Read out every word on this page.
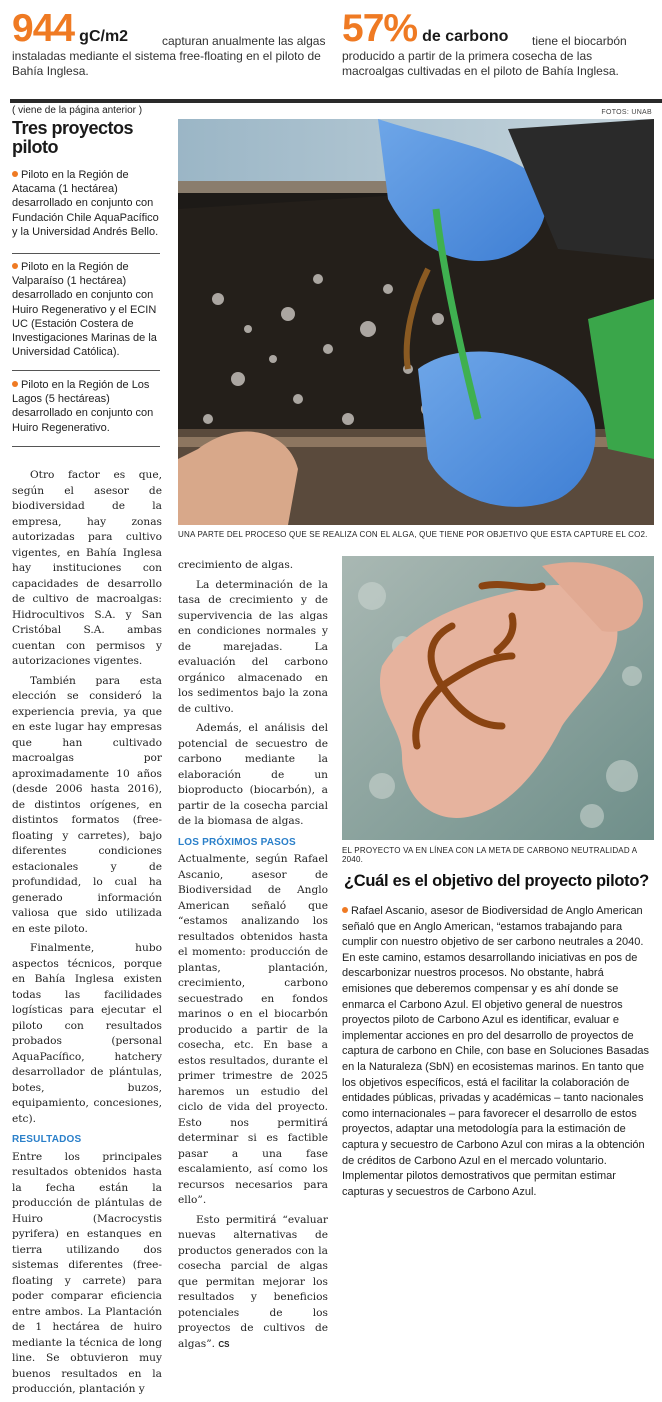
944 gC/m2	capturan anualmente las algas instaladas mediante el sistema free-floating en el piloto de Bahía Inglesa.
57% de carbono	tiene el biocarbón producido a partir de la primera cosecha de las macroalgas cultivadas en el piloto de Bahía Inglesa.
( viene de la página anterior )	FOTOS: UNAB
Tres proyectos piloto
Piloto en la Región de Atacama (1 hectárea) desarrollado en conjunto con Fundación Chile AquaPacífico y la Universidad Andrés Bello.
Piloto en la Región de Valparaíso (1 hectárea) desarrollado en conjunto con Huiro Regenerativo y el ECIN UC (Estación Costera de Investigaciones Marinas de la Universidad Católica).
Piloto en la Región de Los Lagos (5 hectáreas) desarrollado en conjunto con Huiro Regenerativo.
UNA PARTE DEL PROCESO QUE SE REALIZA CON EL ALGA, QUE TIENE POR OBJETIVO QUE ESTA CAPTURE EL CO2.
EL PROYECTO VA EN LÍNEA CON LA META DE CARBONO NEUTRALIDAD A 2040.

Otro factor es que, según el asesor de biodiversidad de la empresa, hay zonas autorizadas para cultivo vigentes, en Bahía Inglesa hay instituciones con capacidades de desarrollo de cultivo de macroalgas: Hidrocultivos S.A. y San Cristóbal S.A. ambas cuentan con permisos y autorizaciones vigentes.

También para esta elección se consideró la experiencia previa, ya que en este lugar hay empresas que han cultivado macroalgas por aproximadamente 10 años (desde 2006 hasta 2016), de distintos orígenes, en distintos formatos (free-floating y carretes), bajo diferentes condiciones estacionales y de profundidad, lo cual ha generado información valiosa que sido utilizada en este piloto.

Finalmente, hubo aspectos técnicos, porque en Bahía Inglesa existen todas las facilidades logísticas para ejecutar el piloto con resultados probados (personal AquaPacífico, hatchery desarrollador de plántulas, botes, buzos, equipamiento, concesiones, etc).

RESULTADOS

Entre los principales resultados obtenidos hasta la fecha están la producción de plántulas de Huiro (Macrocystis pyrifera) en estanques en tierra utilizando dos sistemas diferentes (free-floating y carrete) para poder comparar eficiencia entre ambos. La Plantación de 1 hectárea de huiro mediante la técnica de long line. Se obtuvieron muy buenos resultados en la producción, plantación y

crecimiento de algas.

La determinación de la tasa de crecimiento y de supervivencia de las algas en condiciones normales y de marejadas. La evaluación del carbono orgánico almacenado en los sedimentos bajo la zona de cultivo.

Además, el análisis del potencial de secuestro de carbono mediante la elaboración de un bioproducto (biocarbón), a partir de la cosecha parcial de la biomasa de algas.

LOS PRÓXIMOS PASOS

Actualmente, según Rafael Ascanio, asesor de Biodiversidad de Anglo American señaló que “estamos analizando los resultados obtenidos hasta el momento: producción de plantas, plantación, crecimiento, carbono secuestrado en fondos marinos o en el biocarbón producido a partir de la cosecha, etc. En base a estos resultados, durante el primer trimestre de 2025 haremos un estudio del ciclo de vida del proyecto. Esto nos permitirá determinar si es factible pasar a una fase escalamiento, así como los recursos necesarios para ello”.

Esto permitirá “evaluar nuevas alternativas de productos generados con la cosecha parcial de algas que permitan mejorar los resultados y beneficios potenciales de los proyectos de cultivos de algas”. CS

¿Cuál es el objetivo del proyecto piloto?
Rafael Ascanio, asesor de Biodiversidad de Anglo American señaló que en Anglo American, “estamos trabajando para cumplir con nuestro objetivo de ser carbono neutrales a 2040. En este camino, estamos desarrollando iniciativas en pos de descarbonizar nuestros procesos. No obstante, habrá emisiones que deberemos compensar y es ahí donde se enmarca el Carbono Azul. El objetivo general de nuestros proyectos piloto de Carbono Azul es identificar, evaluar e implementar acciones en pro del desarrollo de proyectos de captura de carbono en Chile, con base en Soluciones Basadas en la Naturaleza (SbN) en ecosistemas marinos. En tanto que los objetivos específicos, está el facilitar la colaboración de entidades públicas, privadas y académicas – tanto nacionales como internacionales – para favorecer el desarrollo de estos proyectos, adaptar una metodología para la estimación de captura y secuestro de Carbono Azul con miras a la obtención de créditos de Carbono Azul en el mercado voluntario. Implementar pilotos demostrativos que permitan estimar capturas y secuestros de Carbono Azul.
